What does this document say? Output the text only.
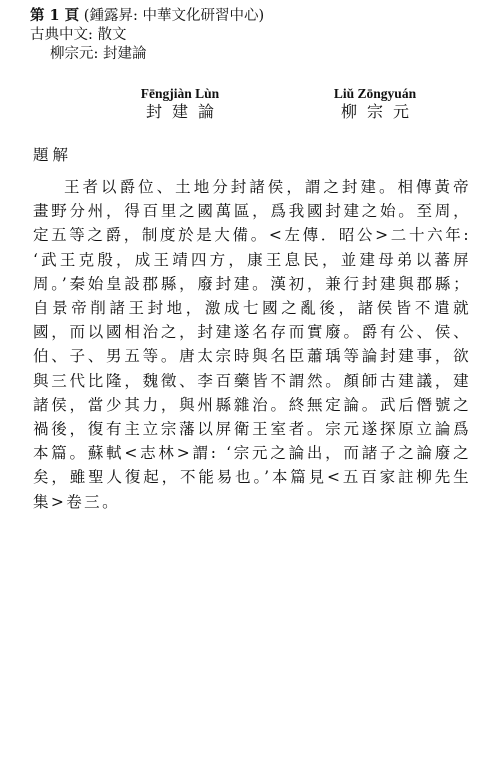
第 1 頁 (鍾露昇: 中華文化研習中心)
古典中文: 散文
柳宗元: 封建論
Fēngjiàn Lùn
封建論
Liǔ Zōngyuán
柳宗元
題解

王者以爵位、土地分封諸侯，謂之封建。相傳黃帝畫野分州，得百里之國萬區，爲我國封建之始。至周，定五等之爵，制度於是大備。<左傳．昭公>二十六年: ‘武王克殷，成王靖四方，康王息民，並建母弟以蕃屏周。’秦始皇設郡縣，廢封建。漢初，兼行封建與郡縣；自景帝削諸王封地，激成七國之亂後，諸侯皆不遣就國，而以國相治之，封建遂名存而實廢。爵有公、侯、伯、子、男五等。唐太宗時與名臣蕭瑀等論封建事，欲與三代比隆，魏徵、李百藥皆不謂然。顏師古建議，建諸侯，當少其力，與州縣雜治。終無定論。武后僭號之禍後，復有主立宗藩以屏衛王室者。宗元遂探原立論爲本篇。蘇軾<志林>謂: ‘宗元之論出，而諸子之論廢之矣，雖聖人復起，不能易也。’本篇見<五百家註柳先生集>卷三。
